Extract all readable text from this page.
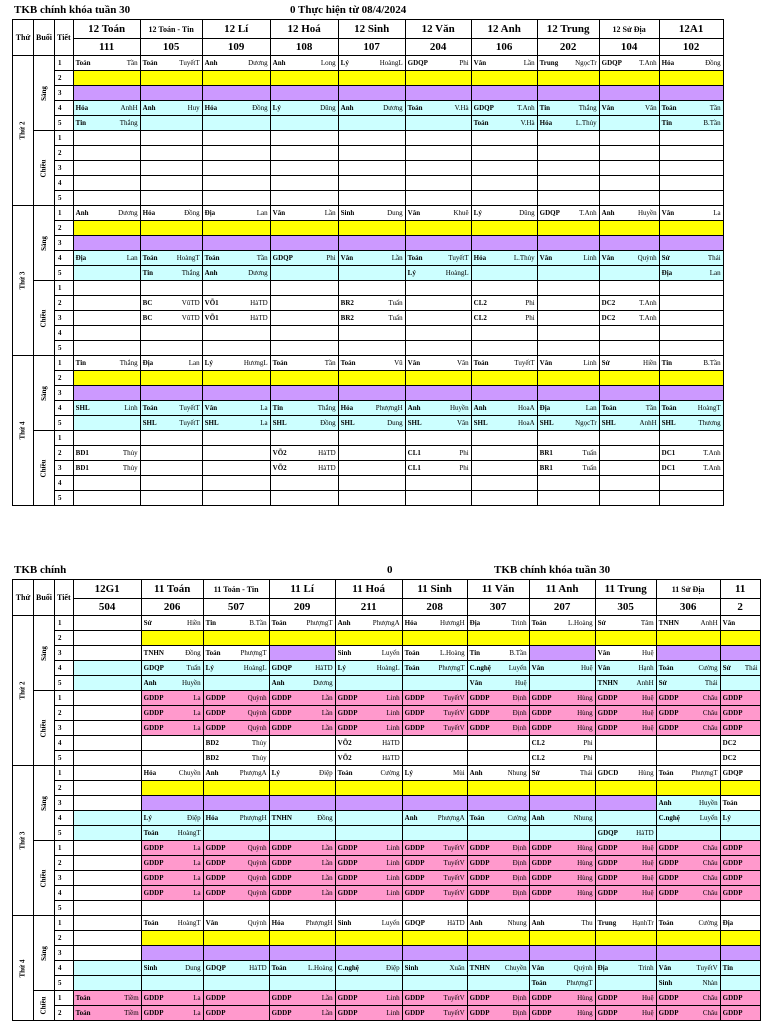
TKB chính khóa tuần 30	0 Thực hiện từ 08/4/2024
Thứ	Buổi	Tiết	12 Toán	12 Toán - Tin	12 Lí	12 Hoá	12 Sinh	12 Văn	12 Anh	12 Trung	12 Sử Địa	12A1
			111	105	109	108	107	204	106	202	104	102
Thứ 2	Sáng	1	Toán Tần	Toán TuyếtT	Anh Dương	Anh Long	Lý HoàngL	GDQP Phi	Văn Lần	Trung NgọcTr	GDQP T.Anh	Hóa Đồng

		2										
		3										
		4	Hóa AnhH	Anh Huy	Hóa Đồng	Lý Dũng	Anh Dương	Toán V.Hà	GDQP T.Anh	Tin Thắng	Văn Vân	Toán Tần

		5	Tin Thắng						Toán V.Hà	Hóa L.Thủy		Tin B.Tần

	Chiều	1										
		2										
		3										
		4										
		5										
Thứ 3	Sáng	1	Anh Dương	Hóa Đồng	Địa Lan	Văn Lần	Sinh Dung	Văn Khuê	Lý Dũng	GDQP T.Anh	Anh Huyền	Văn La

		2										
		3										
		4	Địa Lan	Toán HoàngT	Toán Tần	GDQP Phi	Văn Lần	Toán TuyếtT	Hóa L.Thủy	Văn Linh	Văn Quỳnh	Sử Thái

		5		Tin Thắng	Anh Dương			Lý HoàngL				Địa Lan

	Chiều	1										
		2		BC VũTD	VÕ1 HàTD		BR2 Tuấn		CL2 Phi		DC2 T.Anh	

		3		BC VũTD	VÕ1 HàTD		BR2 Tuấn		CL2 Phi		DC2 T.Anh	

		4										
		5										
Thứ 4	Sáng	1	Tin Thắng	Địa Lan	Lý HươngL	Toán Tần	Toán Vũ	Văn Vân	Toán TuyếtT	Văn Linh	Sử Hiền	Tin B.Tần

		2										
		3										
		4	SHL Linh	Toán TuyếtT	Văn La	Tin Thắng	Hóa PhượngH	Anh Huyền	Anh HoaA	Địa Lan	Toán Tần	Toán HoàngT

		5		SHL TuyếtT	SHL La	SHL Đồng	SHL Dung	SHL Vân	SHL HoaA	SHL NgọcTr	SHL AnhH	SHL Thương

	Chiều	1										
		2	BD1 Thủy			VÕ2 HàTD		CL1 Phi		BR1 Tuấn		DC1 T.Anh

		3	BD1 Thủy			VÕ2 HàTD		CL1 Phi		BR1 Tuấn		DC1 T.Anh

		4										
		5										
TKB chính	0	TKB chính khóa tuần 30
Thứ	Buổi	Tiết	12G1	11 Toán	11 Toán - Tin	11 Lí	11 Hoá	11 Sinh	11 Văn	11 Anh	11 Trung	11 Sử Địa	11
			504	206	507	209	211	208	307	207	305	306	2
Thứ 2	Sáng	1		Sử Hiền	Tin B.Tần	Toán PhượngT	Anh PhượngA	Hóa HươngH	Địa Trinh	Toán L.Hoàng	Sử Tâm	TNHN AnhH	Văn

		2											
		3		TNHN Đồng	Toán PhượngT		Sinh Luyến	Toán L.Hoàng	Tin B.Tần		Văn Huệ		

		4		GDQP Tuấn	Lý HoàngL	GDQP HàTD	Lý HoàngL	Toán PhượngT	C.nghệ Luyến	Văn Huệ	Văn Hạnh	Toán Cường	Sử Thái

		5		Anh Huyền		Anh Dương			Văn Huệ		TNHN AnhH	Sử Thái	

	Chiều	1		GDDP La	GDDP Quỳnh	GDDP Lần	GDDP Linh	GDDP TuyếtV	GDDP Định	GDDP Hùng	GDDP Huệ	GDDP Châu	GDDP

		2		GDDP La	GDDP Quỳnh	GDDP Lần	GDDP Linh	GDDP TuyếtV	GDDP Định	GDDP Hùng	GDDP Huệ	GDDP Châu	GDDP

		3		GDDP La	GDDP Quỳnh	GDDP Lần	GDDP Linh	GDDP TuyếtV	GDDP Định	GDDP Hùng	GDDP Huệ	GDDP Châu	GDDP

		4			BD2 Thủy		VÕ2 HàTD			CL2 Phi			DC2

		5			BD2 Thủy		VÕ2 HàTD			CL2 Phi			DC2

Thứ 3	Sáng	1		Hóa Chuyền	Anh PhượngA	Lý Điệp	Toán Cường	Lý Mùi	Anh Nhung	Sử Thái	GDCD Hùng	Toán PhượngT	GDQP

		2											
		3										Anh Huyền	Toán

		4		Lý Điệp	Hóa PhượngH	TNHN Đồng		Anh PhượngA	Toán Cường	Anh Nhung		C.nghệ Luyến	Lý

		5		Toán HoàngT							GDQP HàTD		

	Chiều	1		GDDP La	GDDP Quỳnh	GDDP Lần	GDDP Linh	GDDP TuyếtV	GDDP Định	GDDP Hùng	GDDP Huệ	GDDP Châu	GDDP

		2		GDDP La	GDDP Quỳnh	GDDP Lần	GDDP Linh	GDDP TuyếtV	GDDP Định	GDDP Hùng	GDDP Huệ	GDDP Châu	GDDP

		3		GDDP La	GDDP Quỳnh	GDDP Lần	GDDP Linh	GDDP TuyếtV	GDDP Định	GDDP Hùng	GDDP Huệ	GDDP Châu	GDDP

		4		GDDP La	GDDP Quỳnh	GDDP Lần	GDDP Linh	GDDP TuyếtV	GDDP Định	GDDP Hùng	GDDP Huệ	GDDP Châu	GDDP

		5											
Thứ 4	Sáng	1		Toán HoàngT	Văn Quỳnh	Hóa PhượngH	Sinh Luyến	GDQP HàTD	Anh Nhung	Anh Thu	Trung HạnhTr	Toán Cường	Địa

		2											
		3											
		4		Sinh Dung	GDQP HàTD	Toán L.Hoàng	C.nghệ Điệp	Sinh Xuân	TNHN Chuyền	Văn Quỳnh	Địa Trinh	Văn TuyếtV	Tin

		5								Toán PhượngT		Sinh Nhàn	

	Chiều	1	Toán Tiềm	GDDP La	GDDP	GDDP Lần	GDDP Linh	GDDP TuyếtV	GDDP Định	GDDP Hùng	GDDP Huệ	GDDP Châu	GDDP

		2	Toán Tiềm	GDDP La	GDDP	GDDP Lần	GDDP Linh	GDDP TuyếtV	GDDP Định	GDDP Hùng	GDDP Huệ	GDDP Châu	GDDP
